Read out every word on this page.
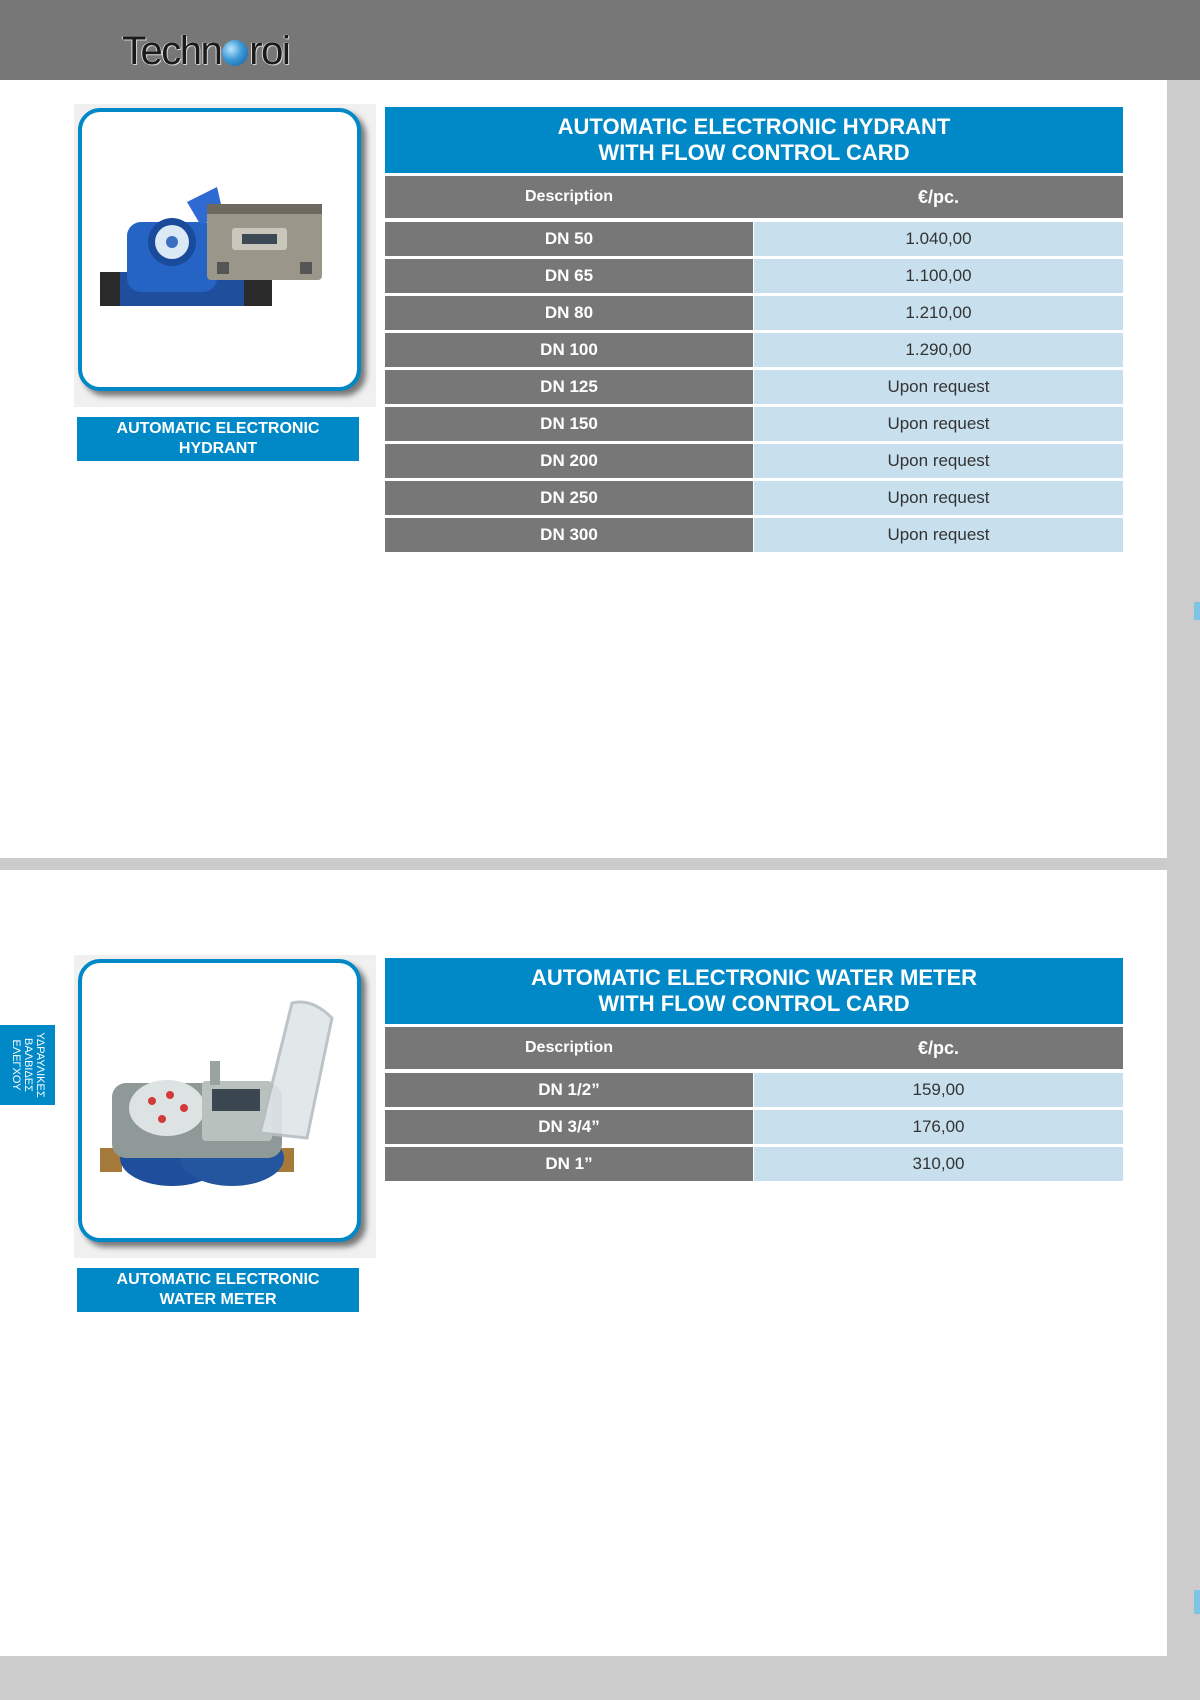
Techn roi
ΥΔΡΑΥΛΙΚΕΣ
ΒΑΛΒΙΔΕΣ
ΕΛΕΓΧΟΥ
AUTOMATIC ELECTRONIC HYDRANT
AUTOMATIC ELECTRONIC HYDRANT
WITH FLOW CONTROL CARD
Description	€/pc.
DN 50	1.040,00
DN 65	1.100,00
DN 80	1.210,00
DN 100	1.290,00
DN 125	Upon request
DN 150	Upon request
DN 200	Upon request
DN 250	Upon request
DN 300	Upon request
AUTOMATIC ELECTRONIC
WATER METER
AUTOMATIC ELECTRONIC WATER METER
WITH FLOW CONTROL CARD
Description	€/pc.
DN 1/2”	159,00
DN 3/4”	176,00
DN 1”	310,00
